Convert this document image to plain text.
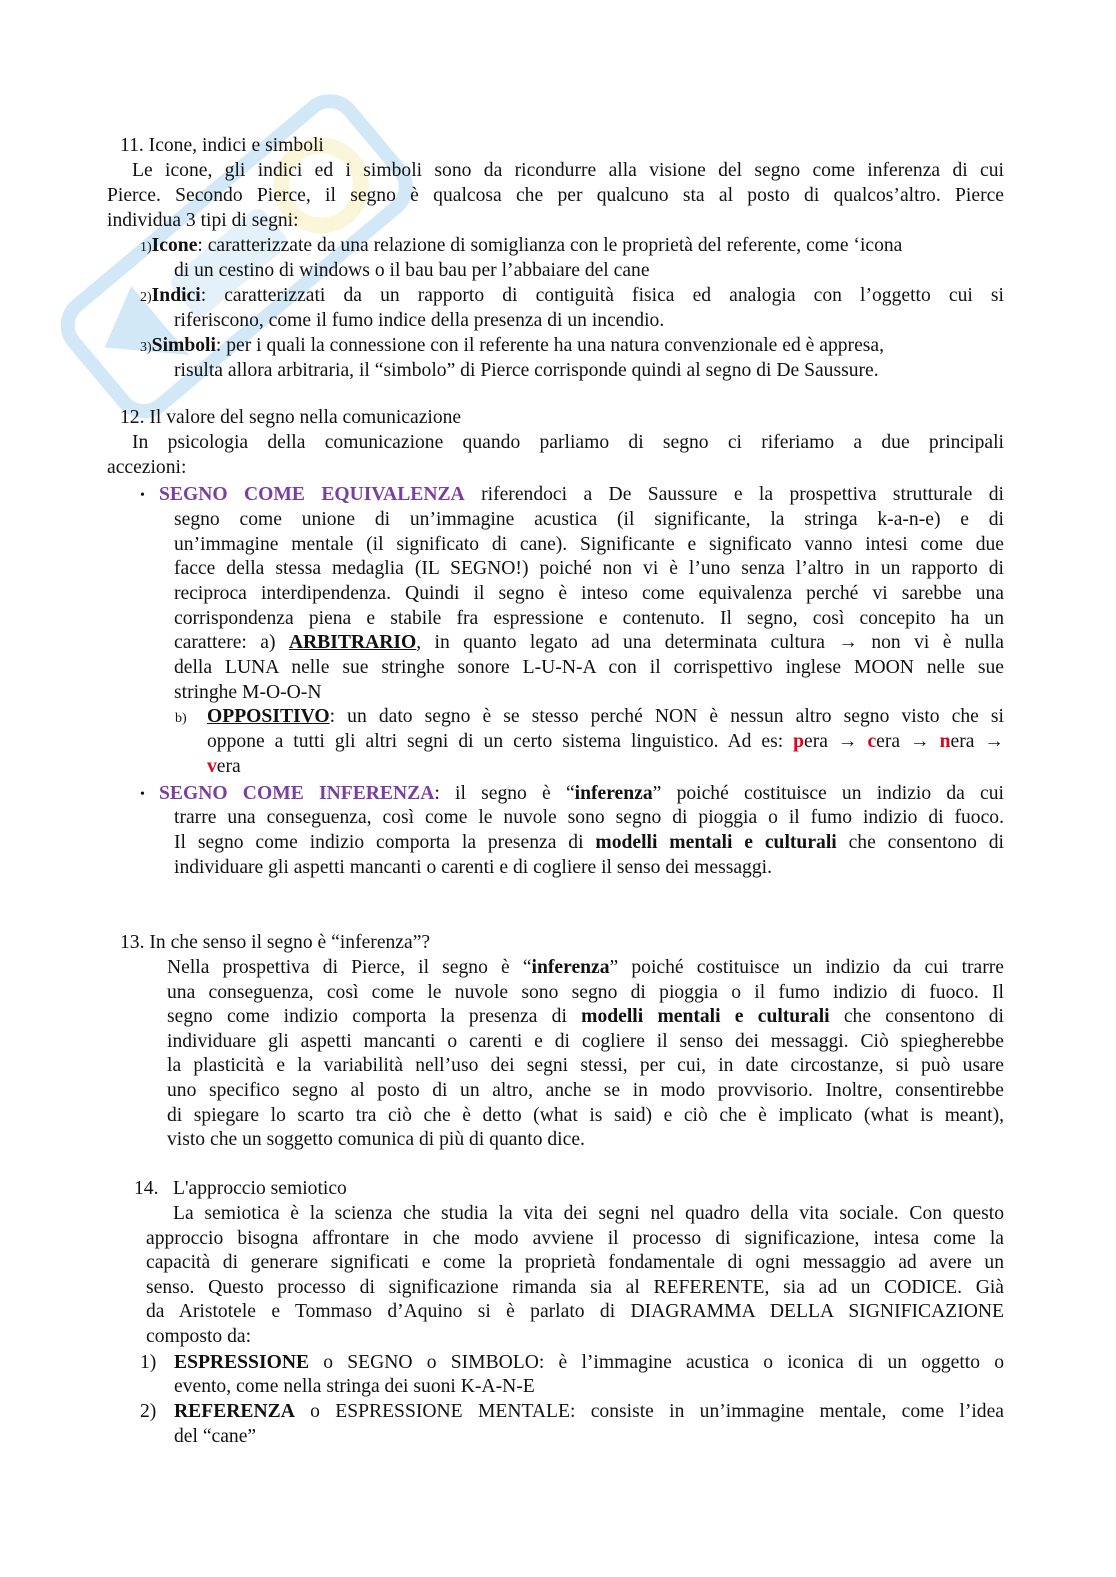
11. Icone, indici e simboli
Le icone, gli indici ed i simboli sono da ricondurre alla visione del segno come inferenza di cui
Pierce. Secondo Pierce, il segno è qualcosa che per qualcuno sta al posto di qualcos’altro. Pierce
individua 3 tipi di segni:
1)Icone: caratterizzate da una relazione di somiglianza con le proprietà del referente, come ‘icona
di un cestino di windows o il bau bau per l’abbaiare del cane
2)Indici: caratterizzati da un rapporto di contiguità fisica ed analogia con l’oggetto cui si
riferiscono, come il fumo indice della presenza di un incendio.
3)Simboli: per i quali la connessione con il referente ha una natura convenzionale ed è appresa,
risulta allora arbitraria, il “simbolo” di Pierce corrisponde quindi al segno di De Saussure.
12. Il valore del segno nella comunicazione
In psicologia della comunicazione quando parliamo di segno ci riferiamo a due principali
accezioni:
• SEGNO COME EQUIVALENZA riferendoci a De Saussure e la prospettiva strutturale di
segno come unione di un’immagine acustica (il significante, la stringa k-a-n-e) e di
un’immagine mentale (il significato di cane). Significante e significato vanno intesi come due
facce della stessa medaglia (IL SEGNO!) poiché non vi è l’uno senza l’altro in un rapporto di
reciproca interdipendenza. Quindi il segno è inteso come equivalenza perché vi sarebbe una
corrispondenza piena e stabile fra espressione e contenuto. Il segno, così concepito ha un
carattere: a) ARBITRARIO, in quanto legato ad una determinata cultura → non vi è nulla
della LUNA nelle sue stringhe sonore L-U-N-A con il corrispettivo inglese MOON nelle sue
stringhe M-O-O-N
b) OPPOSITIVO: un dato segno è se stesso perché NON è nessun altro segno visto che si
oppone a tutti gli altri segni di un certo sistema linguistico. Ad es: pera → cera → nera →
vera
• SEGNO COME INFERENZA: il segno è “inferenza” poiché costituisce un indizio da cui
trarre una conseguenza, così come le nuvole sono segno di pioggia o il fumo indizio di fuoco.
Il segno come indizio comporta la presenza di modelli mentali e culturali che consentono di
individuare gli aspetti mancanti o carenti e di cogliere il senso dei messaggi.
13. In che senso il segno è “inferenza”?
Nella prospettiva di Pierce, il segno è “inferenza” poiché costituisce un indizio da cui trarre
una conseguenza, così come le nuvole sono segno di pioggia o il fumo indizio di fuoco. Il
segno come indizio comporta la presenza di modelli mentali e culturali che consentono di
individuare gli aspetti mancanti o carenti e di cogliere il senso dei messaggi. Ciò spiegherebbe
la plasticità e la variabilità nell’uso dei segni stessi, per cui, in date circostanze, si può usare
uno specifico segno al posto di un altro, anche se in modo provvisorio. Inoltre, consentirebbe
di spiegare lo scarto tra ciò che è detto (what is said) e ciò che è implicato (what is meant),
visto che un soggetto comunica di più di quanto dice.
14. L'approccio semiotico
La semiotica è la scienza che studia la vita dei segni nel quadro della vita sociale. Con questo
approccio bisogna affrontare in che modo avviene il processo di significazione, intesa come la
capacità di generare significati e come la proprietà fondamentale di ogni messaggio ad avere un
senso. Questo processo di significazione rimanda sia al REFERENTE, sia ad un CODICE. Già
da Aristotele e Tommaso d’Aquino si è parlato di DIAGRAMMA DELLA SIGNIFICAZIONE
composto da:
1) ESPRESSIONE o SEGNO o SIMBOLO: è l’immagine acustica o iconica di un oggetto o
evento, come nella stringa dei suoni K-A-N-E
2) REFERENZA o ESPRESSIONE MENTALE: consiste in un’immagine mentale, come l’idea
del “cane”
